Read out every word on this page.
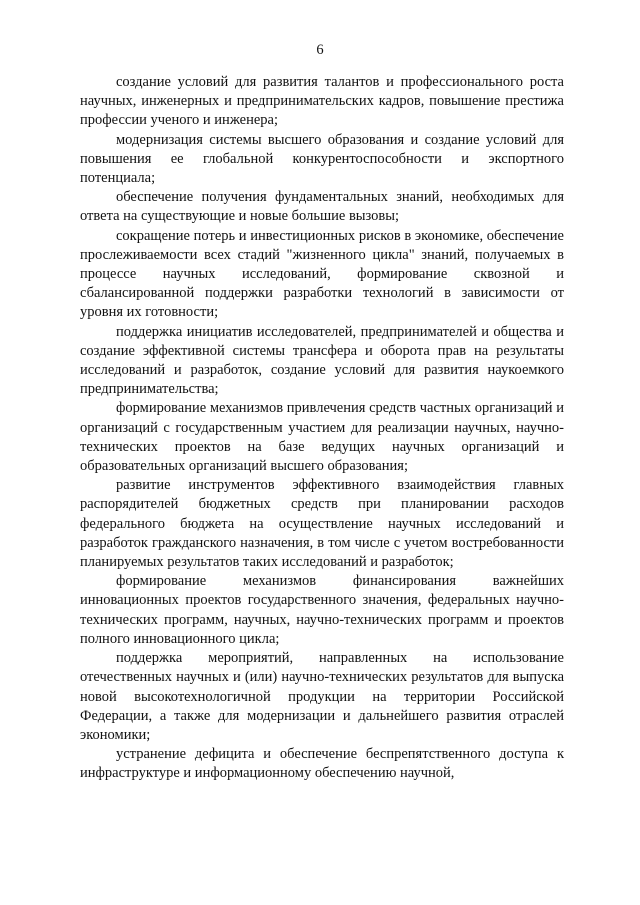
6

создание условий для развития талантов и профессионального роста научных, инженерных и предпринимательских кадров, повышение престижа профессии ученого и инженера;

модернизация системы высшего образования и создание условий для повышения ее глобальной конкурентоспособности и экспортного потенциала;

обеспечение получения фундаментальных знаний, необходимых для ответа на существующие и новые большие вызовы;

сокращение потерь и инвестиционных рисков в экономике, обеспечение прослеживаемости всех стадий "жизненного цикла" знаний, получаемых в процессе научных исследований, формирование сквозной и сбалансированной поддержки разработки технологий в зависимости от уровня их готовности;

поддержка инициатив исследователей, предпринимателей и общества и создание эффективной системы трансфера и оборота прав на результаты исследований и разработок, создание условий для развития наукоемкого предпринимательства;

формирование механизмов привлечения средств частных организаций и организаций с государственным участием для реализации научных, научно-технических проектов на базе ведущих научных организаций и образовательных организаций высшего образования;

развитие инструментов эффективного взаимодействия главных распорядителей бюджетных средств при планировании расходов федерального бюджета на осуществление научных исследований и разработок гражданского назначения, в том числе с учетом востребованности планируемых результатов таких исследований и разработок;

формирование механизмов финансирования важнейших инновационных проектов государственного значения, федеральных научно-технических программ, научных, научно-технических программ и проектов полного инновационного цикла;

поддержка мероприятий, направленных на использование отечественных научных и (или) научно-технических результатов для выпуска новой высокотехнологичной продукции на территории Российской Федерации, а также для модернизации и дальнейшего развития отраслей экономики;

устранение дефицита и обеспечение беспрепятственного доступа к инфраструктуре и информационному обеспечению научной,
